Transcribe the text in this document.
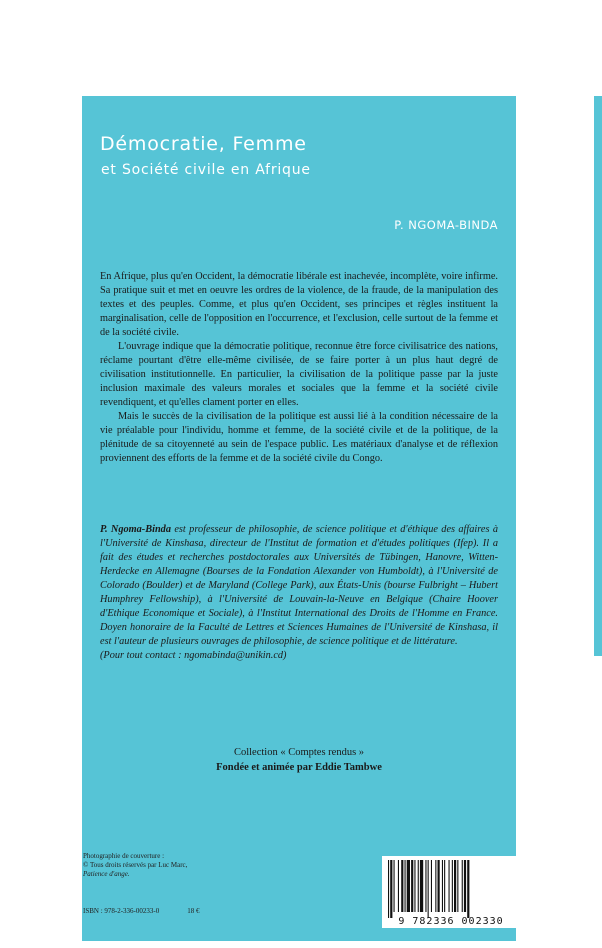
Démocratie, Femme
et Société civile en Afrique
P. NGOMA-BINDA

En Afrique, plus qu'en Occident, la démocratie libérale est inachevée, incomplète, voire infirme. Sa pratique suit et met en oeuvre les ordres de la violence, de la fraude, de la manipulation des textes et des peuples. Comme, et plus qu'en Occident, ses principes et règles instituent la marginalisation, celle de l'opposition en l'occurrence, et l'exclusion, celle surtout de la femme et de la société civile.

L'ouvrage indique que la démocratie politique, reconnue être force civilisatrice des nations, réclame pourtant d'être elle-même civilisée, de se faire porter à un plus haut degré de civilisation institutionnelle. En particulier, la civilisation de la politique passe par la juste inclusion maximale des valeurs morales et sociales que la femme et la société civile revendiquent, et qu'elles clament porter en elles.

Mais le succès de la civilisation de la politique est aussi lié à la condition nécessaire de la vie préalable pour l'individu, homme et femme, de la société civile et de la politique, de la plénitude de sa citoyenneté au sein de l'espace public. Les matériaux d'analyse et de réflexion proviennent des efforts de la femme et de la société civile du Congo.

P. Ngoma-Binda est professeur de philosophie, de science politique et d'éthique des affaires à l'Université de Kinshasa, directeur de l'Institut de formation et d'études politiques (Ifep). Il a fait des études et recherches postdoctorales aux Universités de Tübingen, Hanovre, Witten-Herdecke en Allemagne (Bourses de la Fondation Alexander von Humboldt), à l'Université de Colorado (Boulder) et de Maryland (College Park), aux États-Unis (bourse Fulbright – Hubert Humphrey Fellowship), à l'Université de Louvain-la-Neuve en Belgique (Chaire Hoover d'Ethique Economique et Sociale), à l'Institut International des Droits de l'Homme en France. Doyen honoraire de la Faculté de Lettres et Sciences Humaines de l'Université de Kinshasa, il est l'auteur de plusieurs ouvrages de philosophie, de science politique et de littérature.

(Pour tout contact : ngomabinda@unikin.cd)

Collection « Comptes rendus »
Fondée et animée par Eddie Tambwe
Photographie de couverture :
© Tous droits réservés par Luc Marc,
Patience d'ange.
ISBN : 978-2-336-00233-0	18 €
9 782336 002330
